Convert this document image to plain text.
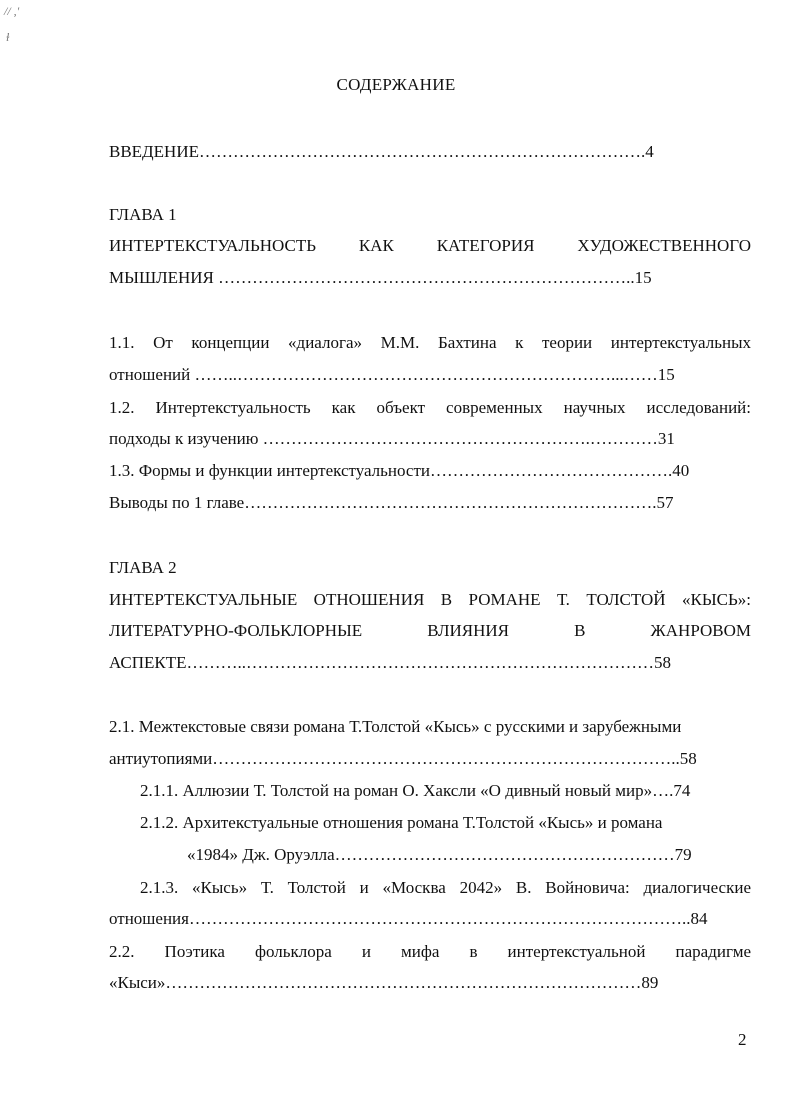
// ,'
ɫ
СОДЕРЖАНИЕ
ВВЕДЕНИЕ…………………………………………………………………….4
ГЛАВА 1
ИНТЕРТЕКСТУАЛЬНОСТЬ КАК КАТЕГОРИЯ ХУДОЖЕСТВЕННОГО
МЫШЛЕНИЯ ………………………………………………………………..15
1.1. От концепции «диалога» М.М. Бахтина к теории интертекстуальных
отношений ……..…………………………………………………………...……15
1.2. Интертекстуальность как объект современных научных исследований:
подходы к изучению ………………………………………………….…………31
1.3. Формы и функции интертекстуальности…………………………………….40
Выводы по 1 главе……………………………………………………………….57
ГЛАВА 2
ИНТЕРТЕКСТУАЛЬНЫЕ ОТНОШЕНИЯ В РОМАНЕ Т. ТОЛСТОЙ «КЫСЬ»:
ЛИТЕРАТУРНО-ФОЛЬКЛОРНЫЕ ВЛИЯНИЯ В ЖАНРОВОМ
АСПЕКТЕ………..………………………………………………………………58
2.1. Межтекстовые связи романа Т.Толстой «Кысь» с русскими и зарубежными
антиутопиями………………………………………………………………………..58
2.1.1. Аллюзии Т. Толстой на роман О. Хаксли «О дивный новый мир»….74
2.1.2. Архитекстуальные отношения романа Т.Толстой «Кысь» и романа
«1984» Дж. Оруэлла……………………………………………………79
2.1.3. «Кысь» Т. Толстой и «Москва 2042» В. Войновича: диалогические
отношения……………………………………………………………………………..84
2.2. Поэтика фольклора и мифа в интертекстуальной парадигме
«Кыси»…………………………………………………………………………89
2
